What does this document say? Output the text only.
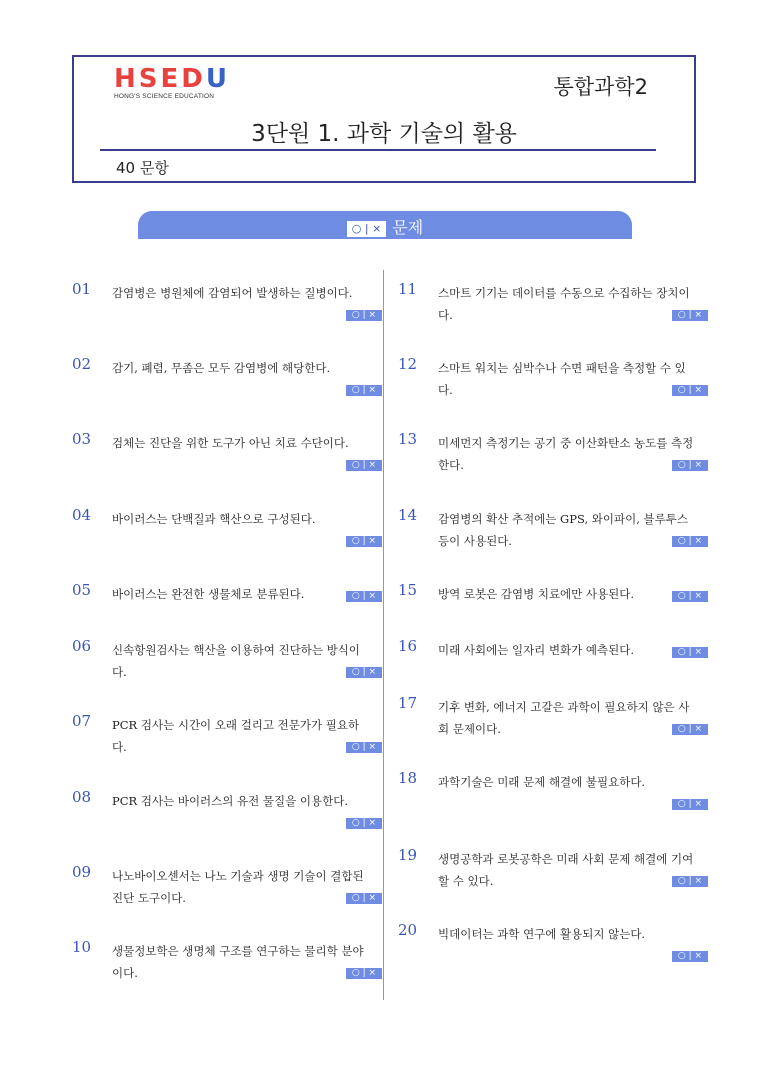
HSEDU
HONG'S SCIENCE EDUCATION	통합과학2
3단원 1. 과학 기술의 활용
40 문항
○ | × 문제
01 감염병은 병원체에 감염되어 발생하는 질병이다.
○ | ×
02 감기, 폐렴, 무좀은 모두 감염병에 해당한다.
○ | ×
03 검체는 진단을 위한 도구가 아닌 치료 수단이다.
○ | ×
04 바이러스는 단백질과 핵산으로 구성된다.
○ | ×
05 바이러스는 완전한 생물체로 분류된다.	○ | ×
06 신속항원검사는 핵산을 이용하여 진단하는 방식이다.	○ | ×
07 PCR 검사는 시간이 오래 걸리고 전문가가 필요하다.	○ | ×
08 PCR 검사는 바이러스의 유전 물질을 이용한다.
○ | ×
09 나노바이오센서는 나노 기술과 생명 기술이 결합된 진단 도구이다.	○ | ×
10 생물정보학은 생명체 구조를 연구하는 물리학 분야이다.	○ | ×
11 스마트 기기는 데이터를 수동으로 수집하는 장치이다.	○ | ×
12 스마트 워치는 심박수나 수면 패턴을 측정할 수 있다.	○ | ×
13 미세먼지 측정기는 공기 중 이산화탄소 농도를 측정한다.	○ | ×
14 감염병의 확산 추적에는 GPS, 와이파이, 블루투스 등이 사용된다.	○ | ×
15 방역 로봇은 감염병 치료에만 사용된다.	○ | ×
16 미래 사회에는 일자리 변화가 예측된다.	○ | ×
17 기후 변화, 에너지 고갈은 과학이 필요하지 않은 사회 문제이다.	○ | ×
18 과학기술은 미래 문제 해결에 불필요하다.
○ | ×
19 생명공학과 로봇공학은 미래 사회 문제 해결에 기여할 수 있다.	○ | ×
20 빅데이터는 과학 연구에 활용되지 않는다.
○ | ×
